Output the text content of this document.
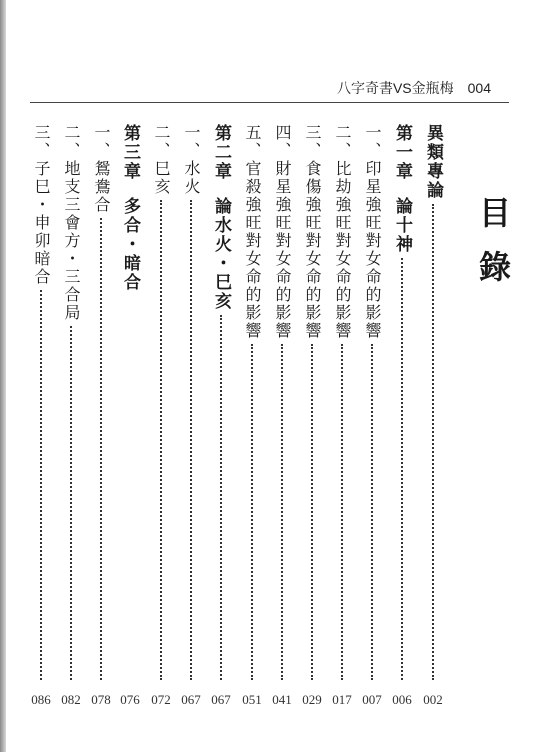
八字奇書VS金瓶梅 004
目錄
異類專論
第一章
論十神
一、印星強旺對女命的影響
二、比劫強旺對女命的影響
三、食傷強旺對女命的影響
四、財星強旺對女命的影響
五、官殺強旺對女命的影響
第二章
論水火・巳亥
一、水火
二、巳亥
第三章
多合・暗合
一、鴛鴦合
二、地支三會方・三合局
三、子巳・申卯暗合
002
006
007
017
029
041
051
067
067
072
076
078
082
086
